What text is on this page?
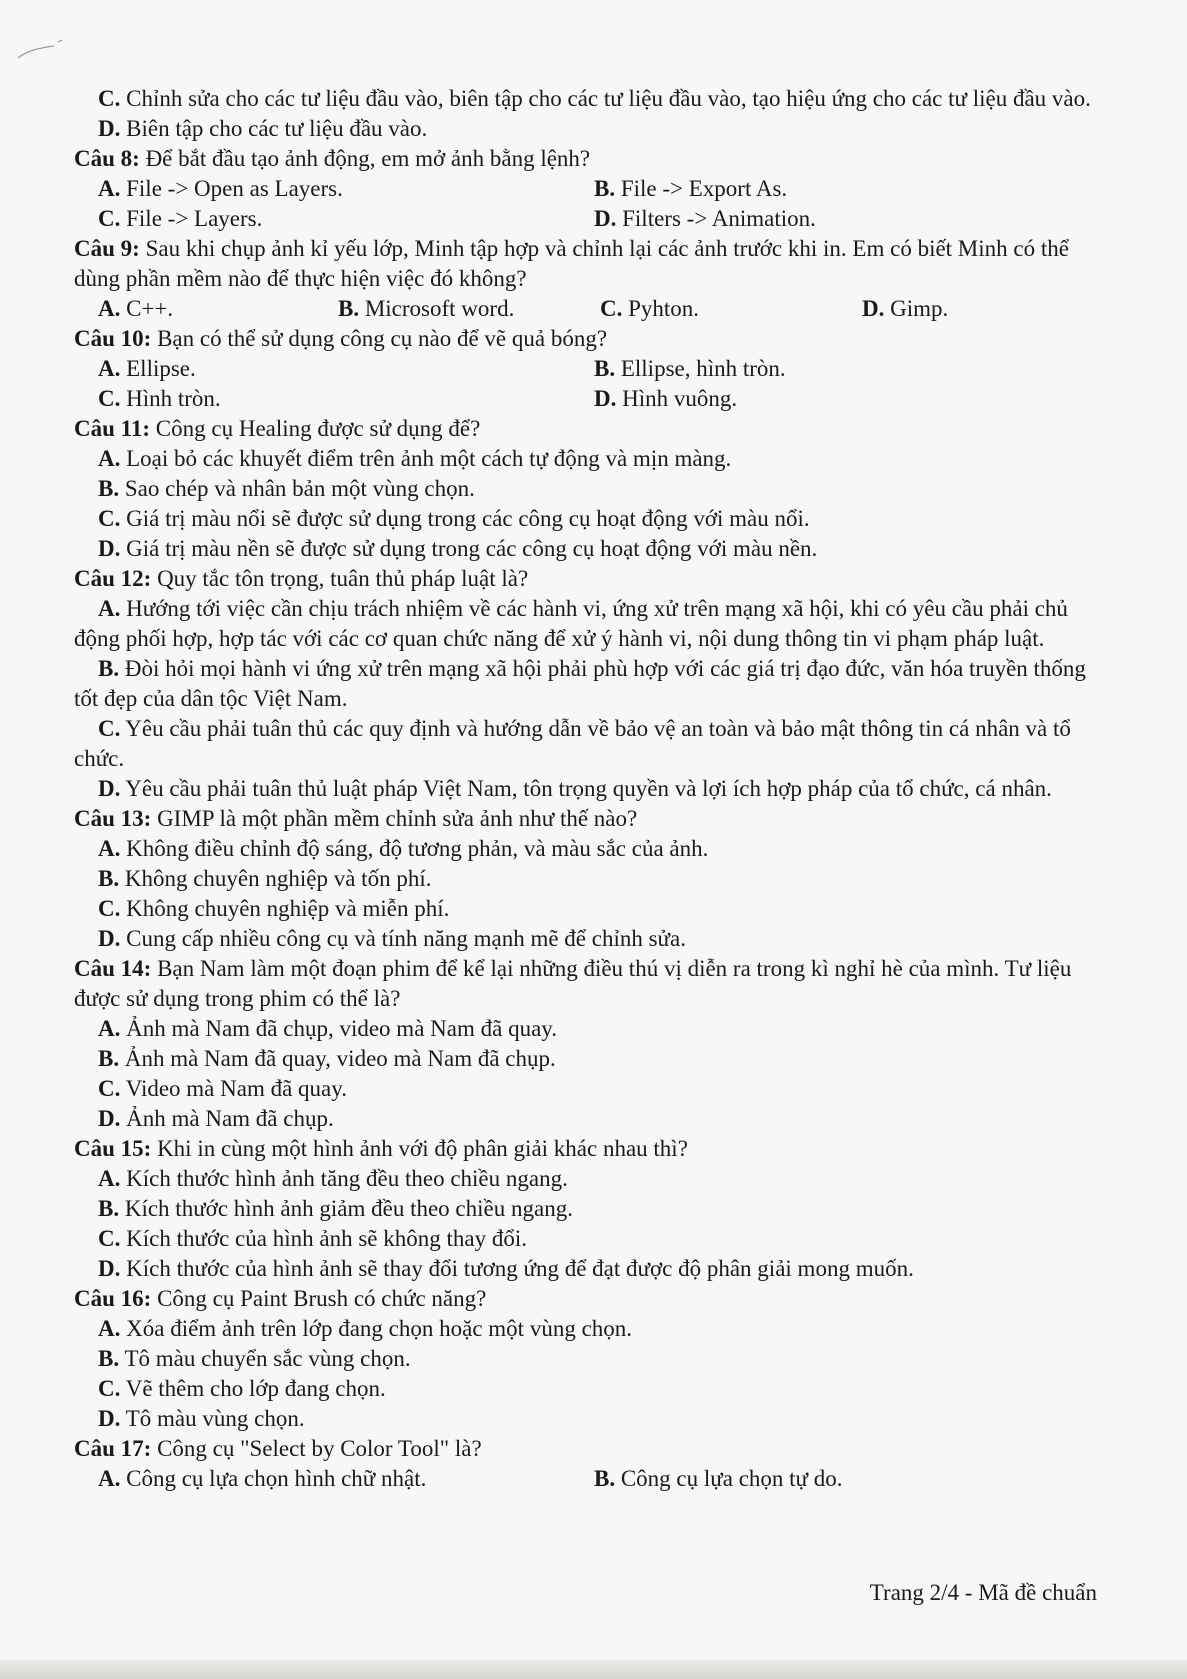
C. Chỉnh sửa cho các tư liệu đầu vào, biên tập cho các tư liệu đầu vào, tạo hiệu ứng cho các tư liệu đầu vào.

D. Biên tập cho các tư liệu đầu vào.

Câu 8: Để bắt đầu tạo ảnh động, em mở ảnh bằng lệnh?

A. File -> Open as Layers.	B. File -> Export As.
C. File -> Layers.	D. Filters -> Animation.

Câu 9: Sau khi chụp ảnh kỉ yếu lớp, Minh tập hợp và chỉnh lại các ảnh trước khi in. Em có biết Minh có thể dùng phần mềm nào để thực hiện việc đó không?

A. C++.	B. Microsoft word.	C. Pyhton.	D. Gimp.

Câu 10: Bạn có thể sử dụng công cụ nào để vẽ quả bóng?

A. Ellipse.	B. Ellipse, hình tròn.
C. Hình tròn.	D. Hình vuông.

Câu 11: Công cụ Healing được sử dụng để?

A. Loại bỏ các khuyết điểm trên ảnh một cách tự động và mịn màng.

B. Sao chép và nhân bản một vùng chọn.

C. Giá trị màu nổi sẽ được sử dụng trong các công cụ hoạt động với màu nổi.

D. Giá trị màu nền sẽ được sử dụng trong các công cụ hoạt động với màu nền.

Câu 12: Quy tắc tôn trọng, tuân thủ pháp luật là?

A. Hướng tới việc cần chịu trách nhiệm về các hành vi, ứng xử trên mạng xã hội, khi có yêu cầu phải chủ động phối hợp, hợp tác với các cơ quan chức năng để xử ý hành vi, nội dung thông tin vi phạm pháp luật.

B. Đòi hỏi mọi hành vi ứng xử trên mạng xã hội phải phù hợp với các giá trị đạo đức, văn hóa truyền thống tốt đẹp của dân tộc Việt Nam.

C. Yêu cầu phải tuân thủ các quy định và hướng dẫn về bảo vệ an toàn và bảo mật thông tin cá nhân và tổ chức.

D. Yêu cầu phải tuân thủ luật pháp Việt Nam, tôn trọng quyền và lợi ích hợp pháp của tổ chức, cá nhân.

Câu 13: GIMP là một phần mềm chỉnh sửa ảnh như thế nào?

A. Không điều chỉnh độ sáng, độ tương phản, và màu sắc của ảnh.

B. Không chuyên nghiệp và tốn phí.

C. Không chuyên nghiệp và miễn phí.

D. Cung cấp nhiều công cụ và tính năng mạnh mẽ để chỉnh sửa.

Câu 14: Bạn Nam làm một đoạn phim để kể lại những điều thú vị diễn ra trong kì nghỉ hè của mình. Tư liệu được sử dụng trong phim có thể là?

A. Ảnh mà Nam đã chụp, video mà Nam đã quay.

B. Ảnh mà Nam đã quay, video mà Nam đã chụp.

C. Video mà Nam đã quay.

D. Ảnh mà Nam đã chụp.

Câu 15: Khi in cùng một hình ảnh với độ phân giải khác nhau thì?

A. Kích thước hình ảnh tăng đều theo chiều ngang.

B. Kích thước hình ảnh giảm đều theo chiều ngang.

C. Kích thước của hình ảnh sẽ không thay đổi.

D. Kích thước của hình ảnh sẽ thay đổi tương ứng để đạt được độ phân giải mong muốn.

Câu 16: Công cụ Paint Brush có chức năng?

A. Xóa điểm ảnh trên lớp đang chọn hoặc một vùng chọn.

B. Tô màu chuyển sắc vùng chọn.

C. Vẽ thêm cho lớp đang chọn.

D. Tô màu vùng chọn.

Câu 17: Công cụ "Select by Color Tool" là?

A. Công cụ lựa chọn hình chữ nhật.	B. Công cụ lựa chọn tự do.
Trang 2/4 - Mã đề chuẩn
